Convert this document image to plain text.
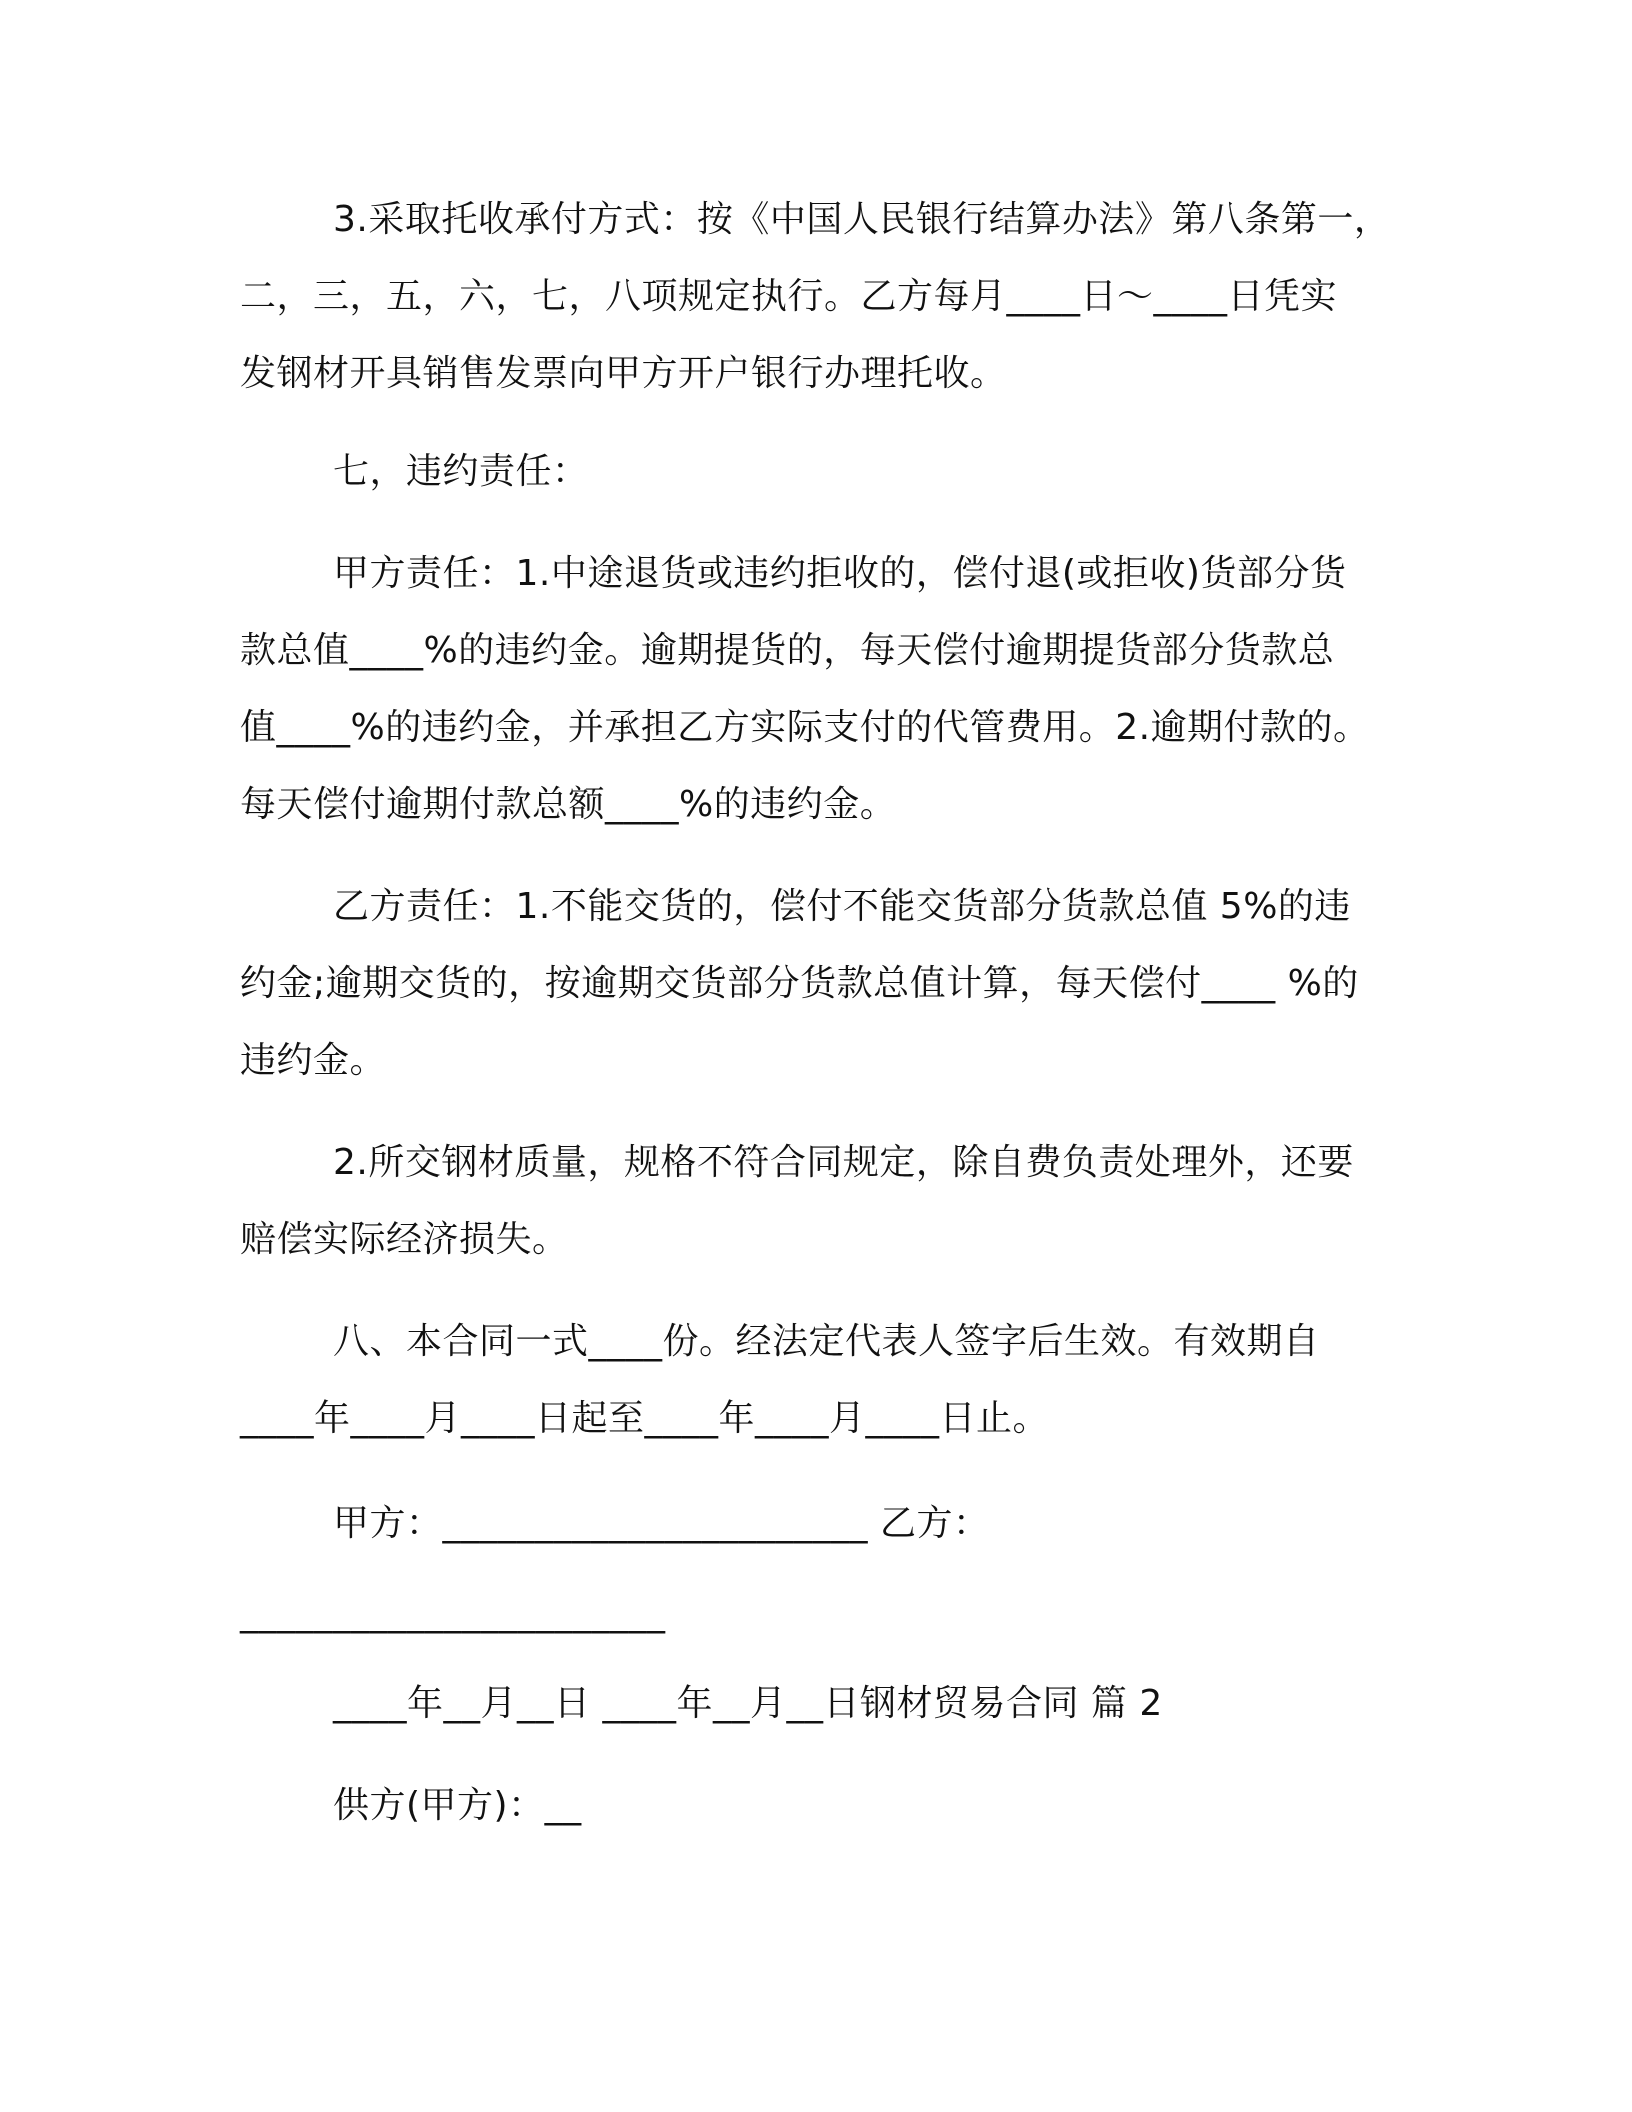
3.采取托收承付方式：按《中国人民银行结算办法》第八条第一，
二，三，五，六，七，八项规定执行。乙方每月____日～____日凭实
发钢材开具销售发票向甲方开户银行办理托收。
七，违约责任：
甲方责任：1.中途退货或违约拒收的，偿付退(或拒收)货部分货
款总值____%的违约金。逾期提货的，每天偿付逾期提货部分货款总
值____%的违约金，并承担乙方实际支付的代管费用。2.逾期付款的。
每天偿付逾期付款总额____%的违约金。
乙方责任：1.不能交货的，偿付不能交货部分货款总值 5%的违
约金;逾期交货的，按逾期交货部分货款总值计算，每天偿付____ %的
违约金。
2.所交钢材质量，规格不符合同规定，除自费负责处理外，还要
赔偿实际经济损失。
八、本合同一式____份。经法定代表人签字后生效。有效期自
____年____月____日起至____年____月____日止。
甲方：_______________________ 乙方：
_______________________
____年__月__日 ____年__月__日钢材贸易合同 篇 2
供方(甲方)：__
